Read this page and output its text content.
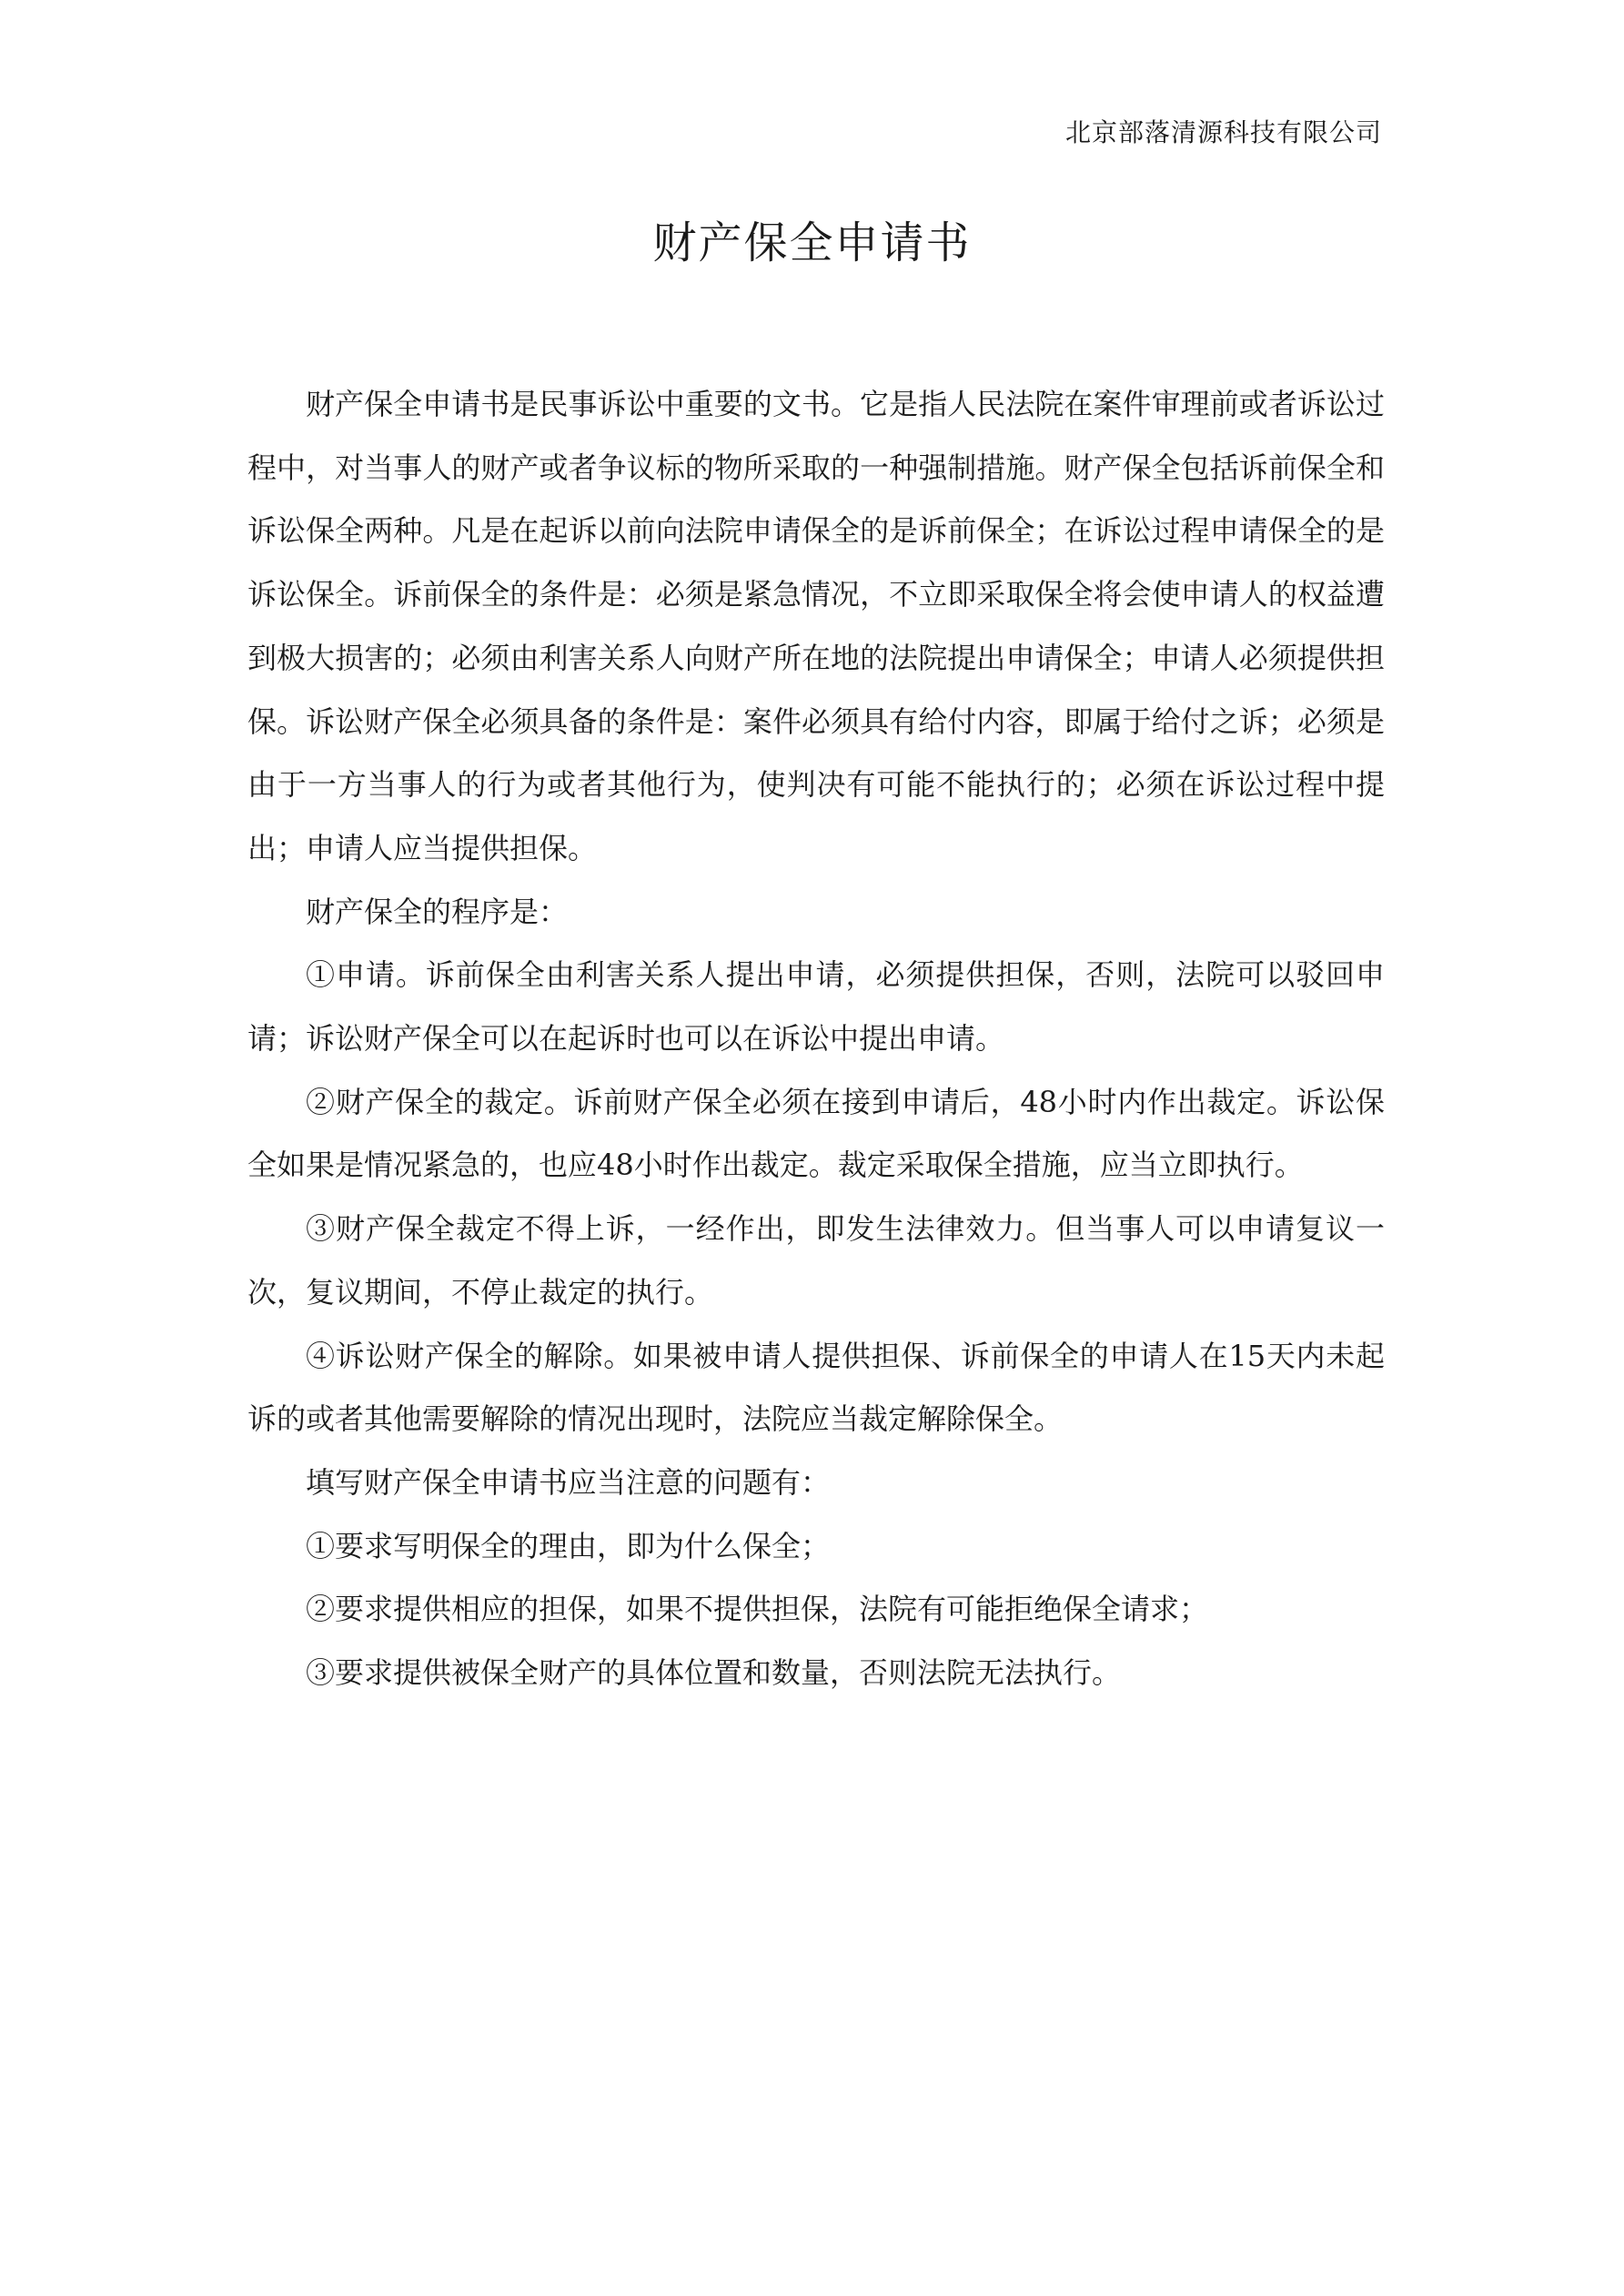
北京部落清源科技有限公司
财产保全申请书

财产保全申请书是民事诉讼中重要的文书。它是指人民法院在案件审理前或者诉讼过程中，对当事人的财产或者争议标的物所采取的一种强制措施。财产保全包括诉前保全和诉讼保全两种。凡是在起诉以前向法院申请保全的是诉前保全；在诉讼过程申请保全的是诉讼保全。诉前保全的条件是：必须是紧急情况，不立即采取保全将会使申请人的权益遭到极大损害的；必须由利害关系人向财产所在地的法院提出申请保全；申请人必须提供担保。诉讼财产保全必须具备的条件是：案件必须具有给付内容，即属于给付之诉；必须是由于一方当事人的行为或者其他行为，使判决有可能不能执行的；必须在诉讼过程中提出；申请人应当提供担保。

财产保全的程序是：

①申请。诉前保全由利害关系人提出申请，必须提供担保，否则，法院可以驳回申请；诉讼财产保全可以在起诉时也可以在诉讼中提出申请。

②财产保全的裁定。诉前财产保全必须在接到申请后，48小时内作出裁定。诉讼保全如果是情况紧急的，也应48小时作出裁定。裁定采取保全措施，应当立即执行。

③财产保全裁定不得上诉，一经作出，即发生法律效力。但当事人可以申请复议一次，复议期间，不停止裁定的执行。

④诉讼财产保全的解除。如果被申请人提供担保、诉前保全的申请人在15天内未起诉的或者其他需要解除的情况出现时，法院应当裁定解除保全。

填写财产保全申请书应当注意的问题有：

①要求写明保全的理由，即为什么保全；

②要求提供相应的担保，如果不提供担保，法院有可能拒绝保全请求；

③要求提供被保全财产的具体位置和数量，否则法院无法执行。
